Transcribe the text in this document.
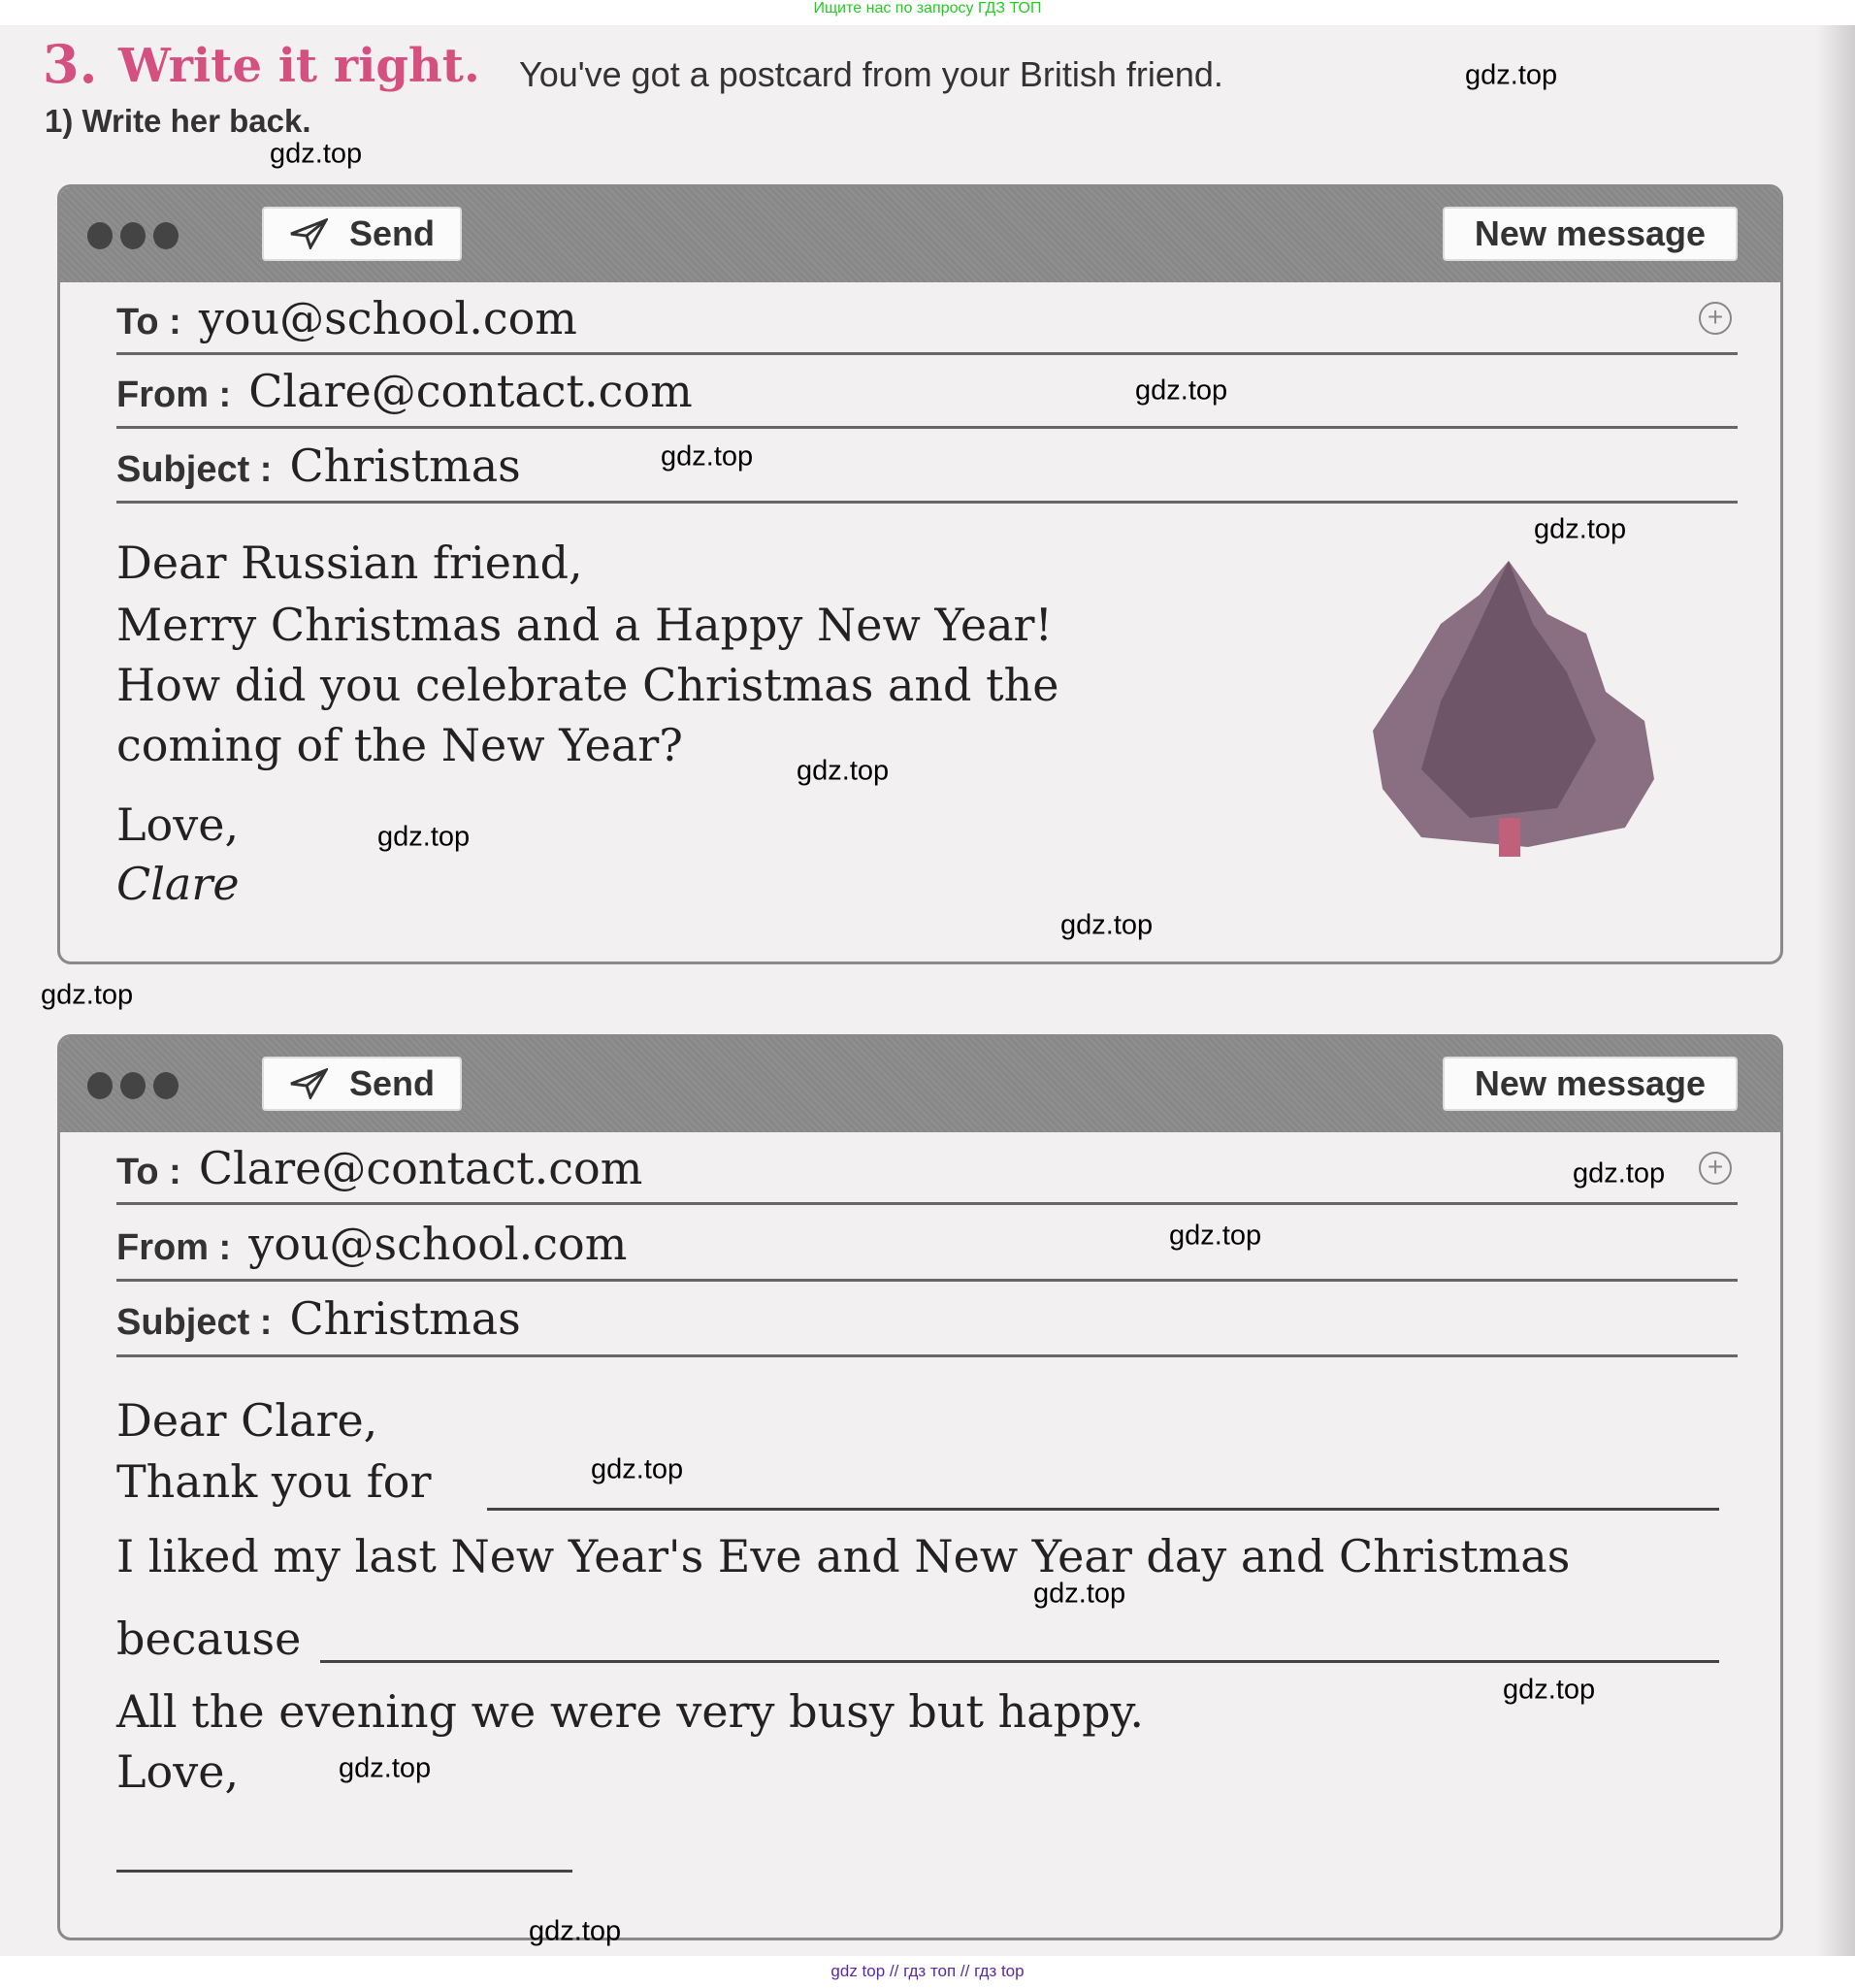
Ищите нас по запросу ГДЗ ТОП
3. Write it right. You've got a postcard from your British friend.
1) Write her back.
Send	New message
To : you@school.com	+
From : Clare@contact.com
Subject : Christmas
Dear Russian friend,
Merry Christmas and a Happy New Year!
How did you celebrate Christmas and the
coming of the New Year?
Love,
Clare
Send	New message
To : Clare@contact.com	+
From : you@school.com
Subject : Christmas
Dear Clare,
Thank you for
I liked my last New Year's Eve and New Year day and Christmas
because
All the evening we were very busy but happy.
Love,
gdz.top
gdz.top
gdz.top
gdz.top
gdz.top
gdz.top
gdz.top
gdz.top
gdz.top
gdz.top
gdz.top
gdz.top
gdz.top
gdz.top
gdz.top
gdz.top
gdz top // гдз топ // гдз top
